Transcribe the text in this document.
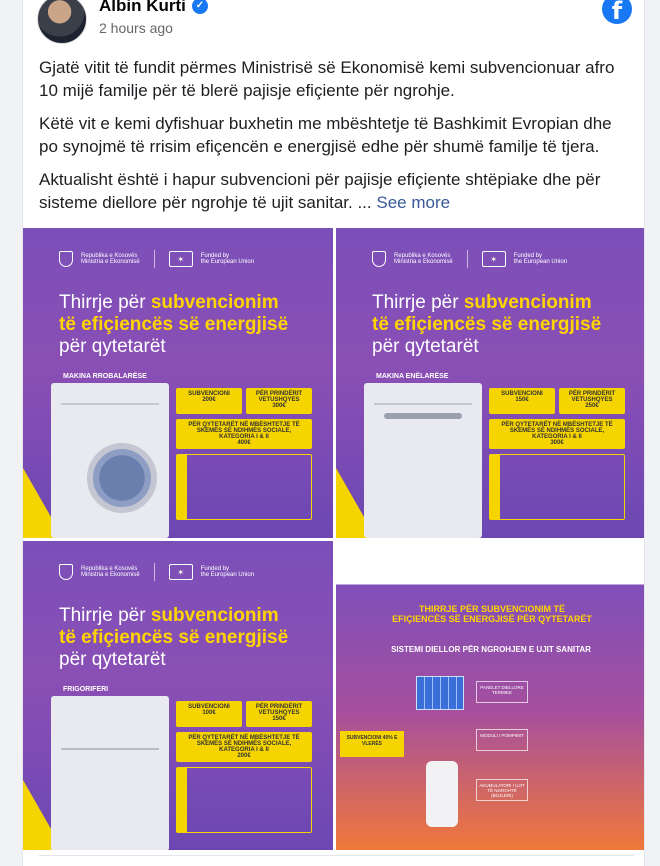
Albin Kurti ✓
2 hours ago
f

Gjatë vitit të fundit përmes Ministrisë së Ekonomisë kemi subvencionuar afro 10 mijë familje për të blerë pajisje efiçiente për ngrohje.

Këtë vit e kemi dyfishuar buxhetin me mbështetje të Bashkimit Evropian dhe po synojmë të rrisim efiçencën e energjisë edhe për shumë familje të tjera.

Aktualisht është i hapur subvencioni për pajisje efiçiente shtëpiake dhe për sisteme diellore për ngrohje të ujit sanitar. ... See more

Republika e Kosovës
Ministria e Ekonomisë	✶	Funded by
the European Union
Thirrje për subvencionim
të efiçiencës së energjisë
për qytetarët
MAKINA RROBALARËSE
SUBVENCIONI
200€
PËR PRINDËRIT VETUSHQYES
300€
PËR QYTETARËT NË MBËSHTETJE TË SKEMËS SË NDIHMËS SOCIALE, KATEGORIA I & II
400€
Republika e Kosovës
Ministria e Ekonomisë	✶	Funded by
the European Union
Thirrje për subvencionim
të efiçiencës së energjisë
për qytetarët
MAKINA ENËLARËSE
SUBVENCIONI
150€
PËR PRINDËRIT VETUSHQYES
250€
PËR QYTETARËT NË MBËSHTETJE TË SKEMËS SË NDIHMËS SOCIALE, KATEGORIA I & II
300€
Republika e Kosovës
Ministria e Ekonomisë	✶	Funded by
the European Union
Thirrje për subvencionim
të efiçiencës së energjisë
për qytetarët
FRIGORIFERI
SUBVENCIONI
100€
PËR PRINDËRIT VETUSHQYES
150€
PËR QYTETARËT NË MBËSHTETJE TË SKEMËS SË NDIHMËS SOCIALE, KATEGORIA I & II
200€
THIRRJE PËR SUBVENCIONIM TË EFIÇIENCËS SË ENERGJISË PËR QYTETARËT
SISTEMI DIELLOR PËR NGROHJEN E UJIT SANITAR
SUBVENCIONI 40% E VLERËS
PANELET DIELLORE TERMIKE
MODULI I POMPIMIT
AKUMULATORI I UJIT TË NGROHTË (BOJLERI)
